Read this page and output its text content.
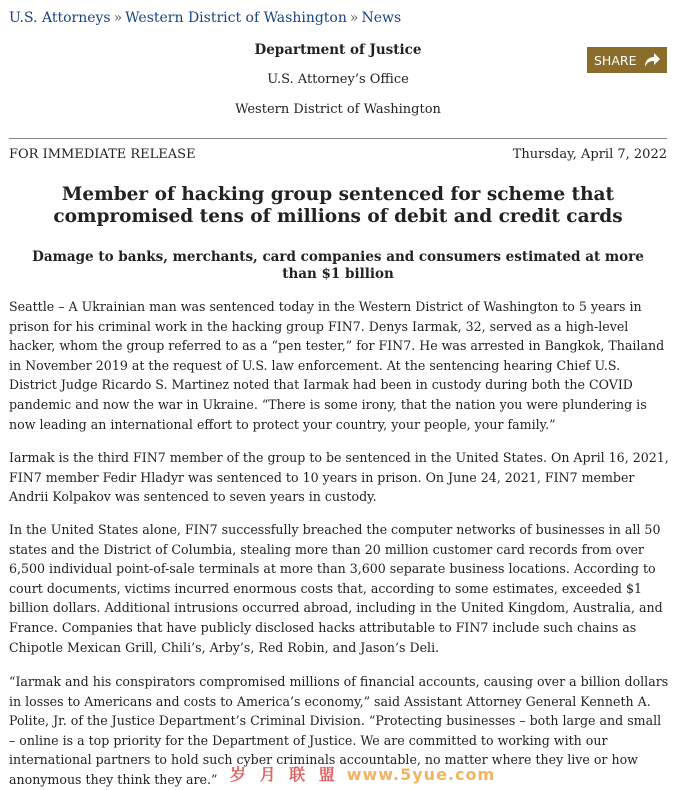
U.S. Attorneys » Western District of Washington » News
Department of Justice
U.S. Attorney’s Office
Western District of Washington
SHARE
FOR IMMEDIATE RELEASE	Thursday, April 7, 2022
Member of hacking group sentenced for scheme that compromised tens of millions of debit and credit cards
Damage to banks, merchants, card companies and consumers estimated at more than $1 billion

Seattle – A Ukrainian man was sentenced today in the Western District of Washington to 5 years in prison for his criminal work in the hacking group FIN7. Denys Iarmak, 32, served as a high-level hacker, whom the group referred to as a “pen tester,” for FIN7. He was arrested in Bangkok, Thailand in November 2019 at the request of U.S. law enforcement. At the sentencing hearing Chief U.S. District Judge Ricardo S. Martinez noted that Iarmak had been in custody during both the COVID pandemic and now the war in Ukraine. “There is some irony, that the nation you were plundering is now leading an international effort to protect your country, your people, your family.”

Iarmak is the third FIN7 member of the group to be sentenced in the United States. On April 16, 2021, FIN7 member Fedir Hladyr was sentenced to 10 years in prison. On June 24, 2021, FIN7 member Andrii Kolpakov was sentenced to seven years in custody.

In the United States alone, FIN7 successfully breached the computer networks of businesses in all 50 states and the District of Columbia, stealing more than 20 million customer card records from over 6,500 individual point-of-sale terminals at more than 3,600 separate business locations. According to court documents, victims incurred enormous costs that, according to some estimates, exceeded $1 billion dollars. Additional intrusions occurred abroad, including in the United Kingdom, Australia, and France. Companies that have publicly disclosed hacks attributable to FIN7 include such chains as Chipotle Mexican Grill, Chili’s, Arby’s, Red Robin, and Jason’s Deli.

“Iarmak and his conspirators compromised millions of financial accounts, causing over a billion dollars in losses to Americans and costs to America’s economy,” said Assistant Attorney General Kenneth A. Polite, Jr. of the Justice Department’s Criminal Division. “Protecting businesses – both large and small – online is a top priority for the Department of Justice. We are committed to working with our international partners to hold such cyber criminals accountable, no matter where they live or how anonymous they think they are.” 岁 月 联 盟 www.5yue.com
